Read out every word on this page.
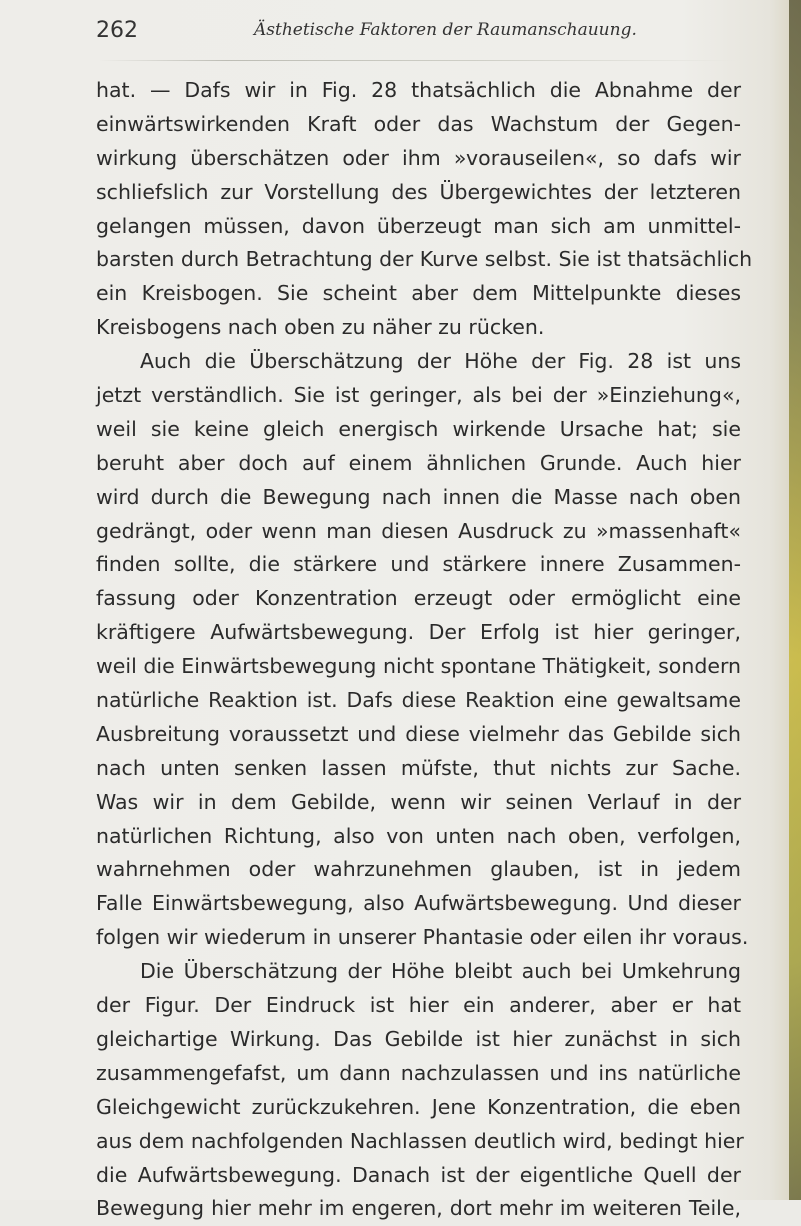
262	Ästhetische Faktoren der Raumanschauung.
hat. — Dafs wir in Fig. 28 thatsächlich die Abnahme der
einwärtswirkenden Kraft oder das Wachstum der Gegen-
wirkung überschätzen oder ihm »vorauseilen«, so dafs wir
schliefslich zur Vorstellung des Übergewichtes der letzteren
gelangen müssen, davon überzeugt man sich am unmittel-
barsten durch Betrachtung der Kurve selbst. Sie ist thatsächlich
ein Kreisbogen. Sie scheint aber dem Mittelpunkte dieses
Kreisbogens nach oben zu näher zu rücken.
Auch die Überschätzung der Höhe der Fig. 28 ist uns
jetzt verständlich. Sie ist geringer, als bei der »Einziehung«,
weil sie keine gleich energisch wirkende Ursache hat; sie
beruht aber doch auf einem ähnlichen Grunde. Auch hier
wird durch die Bewegung nach innen die Masse nach oben
gedrängt, oder wenn man diesen Ausdruck zu »massenhaft«
finden sollte, die stärkere und stärkere innere Zusammen-
fassung oder Konzentration erzeugt oder ermöglicht eine
kräftigere Aufwärtsbewegung. Der Erfolg ist hier geringer,
weil die Einwärtsbewegung nicht spontane Thätigkeit, sondern
natürliche Reaktion ist. Dafs diese Reaktion eine gewaltsame
Ausbreitung voraussetzt und diese vielmehr das Gebilde sich
nach unten senken lassen müfste, thut nichts zur Sache.
Was wir in dem Gebilde, wenn wir seinen Verlauf in der
natürlichen Richtung, also von unten nach oben, verfolgen,
wahrnehmen oder wahrzunehmen glauben, ist in jedem
Falle Einwärtsbewegung, also Aufwärtsbewegung. Und dieser
folgen wir wiederum in unserer Phantasie oder eilen ihr voraus.
Die Überschätzung der Höhe bleibt auch bei Umkehrung
der Figur. Der Eindruck ist hier ein anderer, aber er hat
gleichartige Wirkung. Das Gebilde ist hier zunächst in sich
zusammengefafst, um dann nachzulassen und ins natürliche
Gleichgewicht zurückzukehren. Jene Konzentration, die eben
aus dem nachfolgenden Nachlassen deutlich wird, bedingt hier
die Aufwärtsbewegung. Danach ist der eigentliche Quell der
Bewegung hier mehr im engeren, dort mehr im weiteren Teile,
